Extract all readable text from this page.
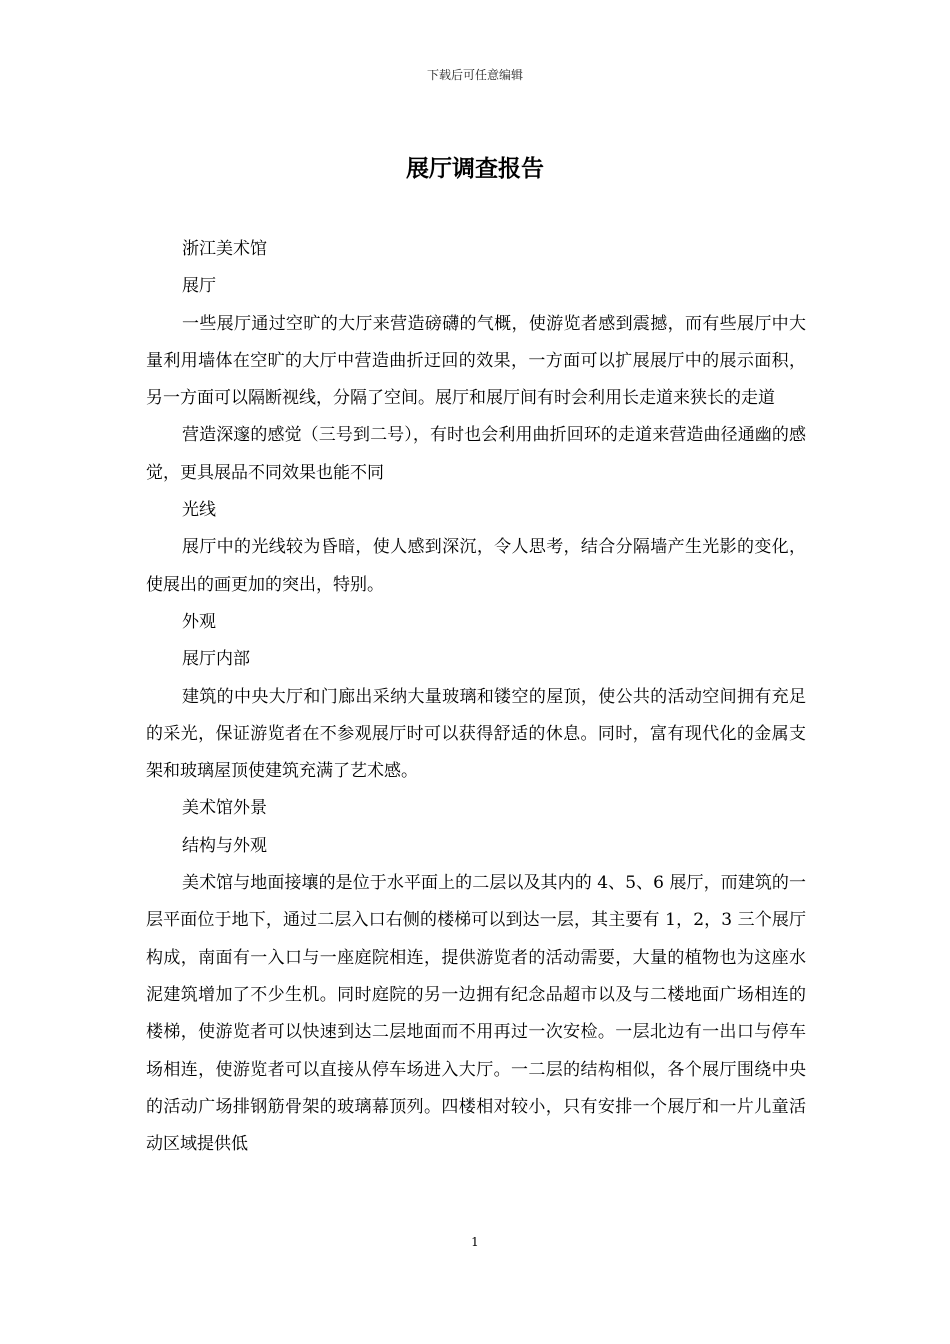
下载后可任意编辑
展厅调查报告

浙江美术馆

展厅

一些展厅通过空旷的大厅来营造磅礴的气概，使游览者感到震撼，而有些展厅中大量利用墙体在空旷的大厅中营造曲折迂回的效果，一方面可以扩展展厅中的展示面积，另一方面可以隔断视线，分隔了空间。展厅和展厅间有时会利用长走道来狭长的走道

营造深邃的感觉（三号到二号），有时也会利用曲折回环的走道来营造曲径通幽的感觉，更具展品不同效果也能不同

光线

展厅中的光线较为昏暗，使人感到深沉，令人思考，结合分隔墙产生光影的变化，使展出的画更加的突出，特别。

外观

展厅内部

建筑的中央大厅和门廊出采纳大量玻璃和镂空的屋顶，使公共的活动空间拥有充足的采光，保证游览者在不参观展厅时可以获得舒适的休息。同时，富有现代化的金属支架和玻璃屋顶使建筑充满了艺术感。

美术馆外景

结构与外观

美术馆与地面接壤的是位于水平面上的二层以及其内的 4、5、6 展厅，而建筑的一层平面位于地下，通过二层入口右侧的楼梯可以到达一层，其主要有 1，2，3 三个展厅构成，南面有一入口与一座庭院相连，提供游览者的活动需要，大量的植物也为这座水泥建筑增加了不少生机。同时庭院的另一边拥有纪念品超市以及与二楼地面广场相连的楼梯，使游览者可以快速到达二层地面而不用再过一次安检。一层北边有一出口与停车场相连，使游览者可以直接从停车场进入大厅。一二层的结构相似，各个展厅围绕中央的活动广场排钢筋骨架的玻璃幕顶列。四楼相对较小，只有安排一个展厅和一片儿童活动区域提供低

1
